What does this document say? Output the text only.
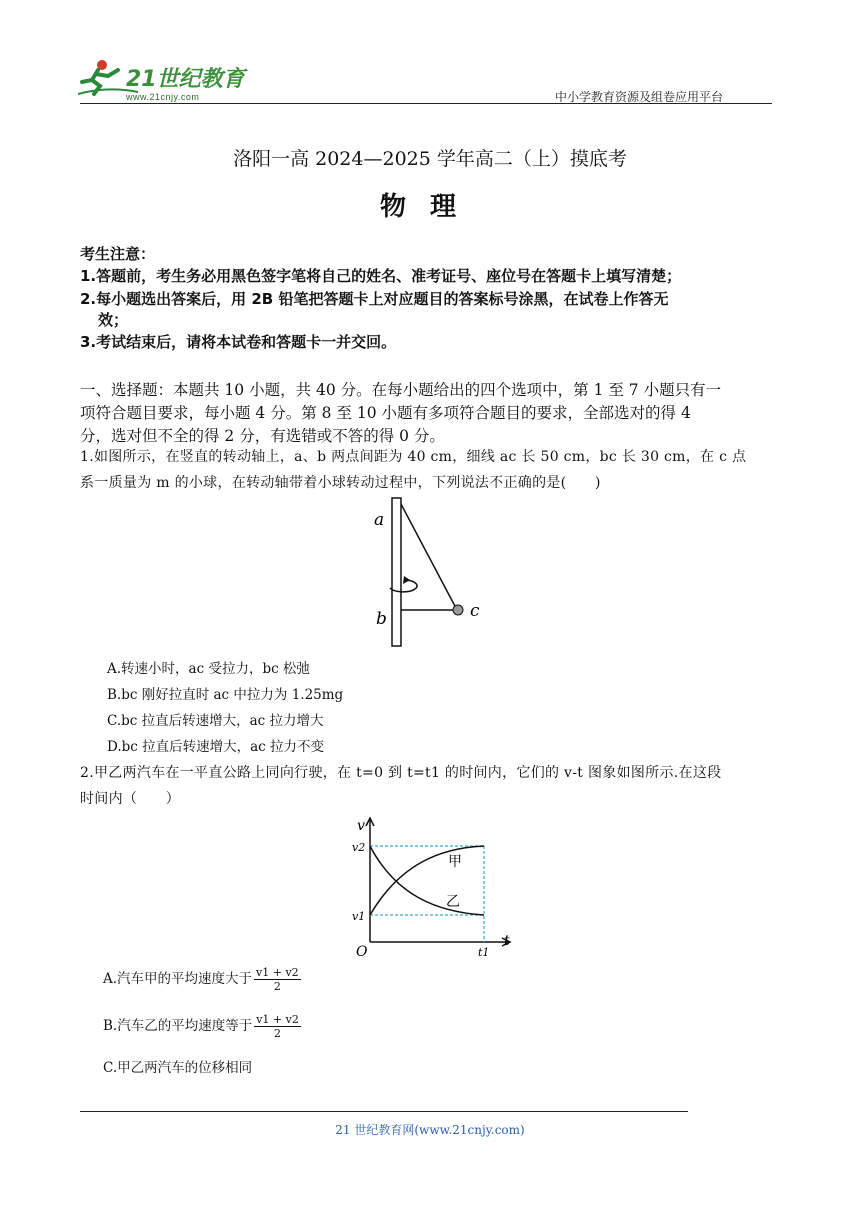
21世纪教育
www.21cnjy.com	中小学教育资源及组卷应用平台
洛阳一高 2024—2025 学年高二（上）摸底考
物理
考生注意：
1.答题前，考生务必用黑色签字笔将自己的姓名、准考证号、座位号在答题卡上填写清楚；
2.每小题选出答案后，用 2B 铅笔把答题卡上对应题目的答案标号涂黑，在试卷上作答无
效；
3.考试结束后，请将本试卷和答题卡一并交回。
一、选择题：本题共 10 小题，共 40 分。在每小题给出的四个选项中，第 1 至 7 小题只有一
项符合题目要求，每小题 4 分。第 8 至 10 小题有多项符合题目的要求，全部选对的得 4
分，选对但不全的得 2 分，有选错或不答的得 0 分。
1.如图所示，在竖直的转动轴上，a、b 两点间距为 40 cm，细线 ac 长 50 cm，bc 长 30 cm，在 c 点
系一质量为 m 的小球，在转动轴带着小球转动过程中，下列说法不正确的是(　　)
a
b	c
A.转速小时，ac 受拉力，bc 松弛
B.bc 刚好拉直时 ac 中拉力为 1.25mg
C.bc 拉直后转速增大，ac 拉力增大
D.bc 拉直后转速增大，ac 拉力不变
2.甲乙两汽车在一平直公路上同向行驶，在 t=0 到 t=t1 的时间内，它们的 v-t 图象如图所示.在这段
时间内（　　）
v
t
v2
v1
O	t1
甲
乙
A.汽车甲的平均速度大于 $\frac{v1 + v2}{2}$
B.汽车乙的平均速度等于 $\frac{v1 + v2}{2}$
C.甲乙两汽车的位移相同
21 世纪教育网(www.21cnjy.com)
